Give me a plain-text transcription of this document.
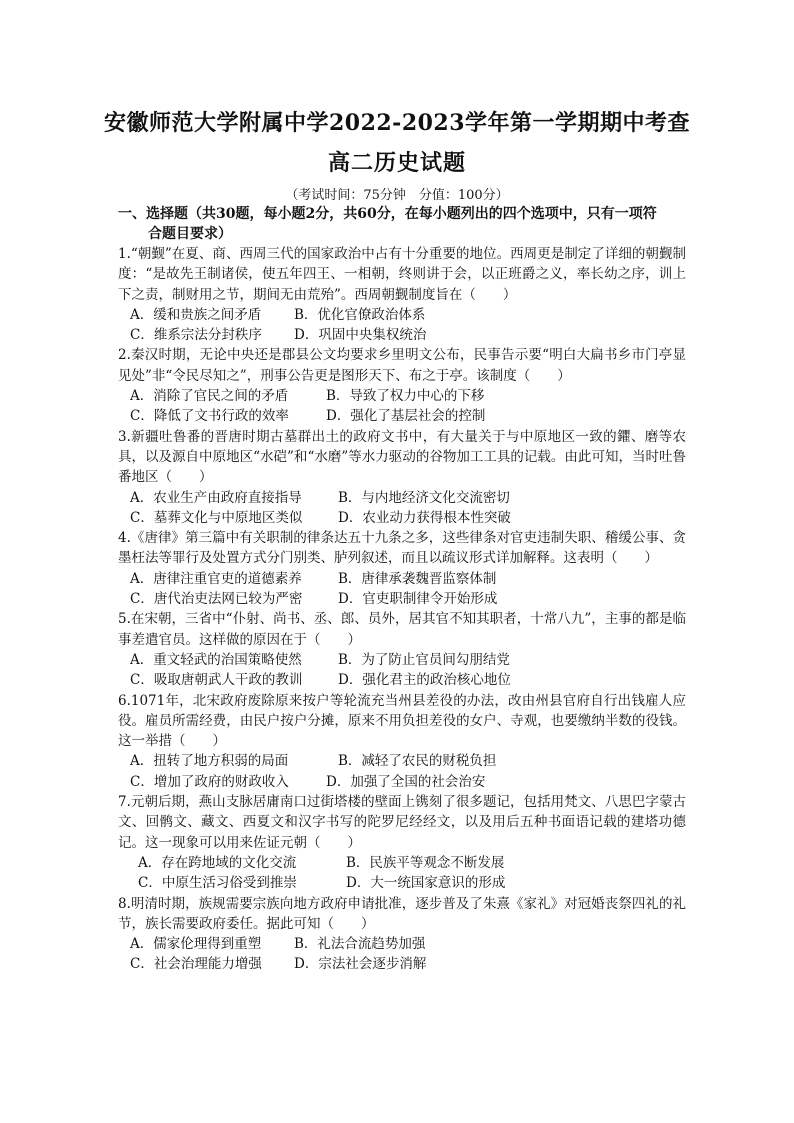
安徽师范大学附属中学2022-2023学年第一学期期中考查
高二历史试题
（考试时间：75分钟　分值：100分）
一、选择题（共30题，每小题2分，共60分，在每小题列出的四个选项中，只有一项符
合题目要求）
1.“朝觐”在夏、商、西周三代的国家政治中占有十分重要的地位。西周更是制定了详细的朝觐制度：“是故先王制诸侯，使五年四王、一相朝，终则讲于会，以正班爵之义，率长幼之序，训上下之责，制财用之节，期间无由荒殆”。西周朝觐制度旨在（　　）
A．缓和贵族之间矛盾	B．优化官僚政治体系
C．维系宗法分封秩序	D．巩固中央集权统治
2.秦汉时期，无论中央还是郡县公文均要求乡里明文公布，民事告示要“明白大扁书乡市门亭显见处”非“令民尽知之”，刑事公告更是图形天下、布之于亭。该制度（　　）
A．消除了官民之间的矛盾	B．导致了权力中心的下移
C．降低了文书行政的效率	D．强化了基层社会的控制
3.新疆吐鲁番的晋唐时期古墓群出土的政府文书中，有大量关于与中原地区一致的鑺、磨等农具，以及源自中原地区“水硙”和“水磨”等水力驱动的谷物加工工具的记载。由此可知，当时吐鲁番地区（　　）
A．农业生产由政府直接指导	B．与内地经济文化交流密切
C．墓葬文化与中原地区类似	D．农业动力获得根本性突破
4.《唐律》第三篇中有关职制的律条达五十九条之多，这些律条对官吏违制失职、稽缓公事、贪墨枉法等罪行及处置方式分门别类、胪列叙述，而且以疏议形式详加解释。这表明（　　）
A．唐律注重官吏的道德素养	B．唐律承袭魏晋监察体制
C．唐代治吏法网已较为严密	D．官吏职制律令开始形成
5.在宋朝，三省中“仆射、尚书、丞、郎、员外，居其官不知其职者，十常八九”，主事的都是临事差遣官员。这样做的原因在于（　　）
A．重文轻武的治国策略使然	B．为了防止官员间勾朋结党
C．吸取唐朝武人干政的教训	D．强化君主的政治核心地位
6.1071年，北宋政府废除原来按户等轮流充当州县差役的办法，改由州县官府自行出钱雇人应役。雇员所需经费，由民户按户分摊，原来不用负担差役的女户、寺观，也要缴纳半数的役钱。这一举措（　　）
A．扭转了地方积弱的局面	B．减轻了农民的财税负担
C．增加了政府的财政收入	D．加强了全国的社会治安
7.元朝后期，燕山支脉居庸南口过街塔楼的壁面上镌刻了很多题记，包括用梵文、八思巴字蒙古文、回鹘文、藏文、西夏文和汉字书写的陀罗尼经经文，以及用后五种书面语记载的建塔功德记。这一现象可以用来佐证元朝（　　）
A．存在跨地域的文化交流	B．民族平等观念不断发展
C．中原生活习俗受到推崇	D．大一统国家意识的形成
8.明清时期，族规需要宗族向地方政府申请批准，逐步普及了朱熹《家礼》对冠婚丧祭四礼的礼节，族长需要政府委任。据此可知（　　）
A．儒家伦理得到重塑	B．礼法合流趋势加强
C．社会治理能力增强	D．宗法社会逐步消解
